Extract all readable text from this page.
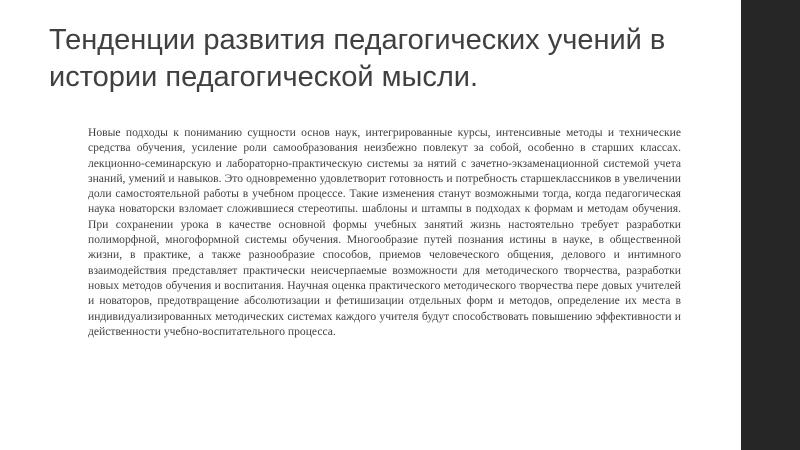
Тенденции развития педагогических учений в истории педагогической мысли.

Новые подходы к пониманию сущности основ наук, интегрированные курсы, интенсивные методы и технические средства обучения, усиление роли самообразования неизбежно повлекут за собой, особенно в старших классах. лекционно-семинарскую и лабораторно-практическую системы за нятий с зачетно-экзаменационной системой учета знаний, умений и навыков. Это одновременно удовлетворит готовность и потребность старшеклассников в увеличении доли самостоятельной работы в учебном процессе. Такие изменения станут возможными тогда, когда педагогическая наука новаторски взломает сложившиеся стереотипы. шаблоны и штампы в подходах к формам и методам обучения. При сохранении урока в качестве основной формы учебных занятий жизнь настоятельно требует разработки полиморфной, многоформной системы обучения. Многообразие путей познания истины в науке, в общественной жизни, в практике, а также разнообразие способов, приемов человеческого общения, делового и интимного взаимодействия представляет практически неисчерпаемые возможности для методического творчества, разработки новых методов обучения и воспитания. Научная оценка практического методического творчества пере довых учителей и новаторов, предотвращение абсолютизации и фетишизации отдельных форм и методов, определение их места в индивидуализированных методических системах каждого учителя будут способствовать повышению эффективности и действенности учебно-воспитательного процесса.
